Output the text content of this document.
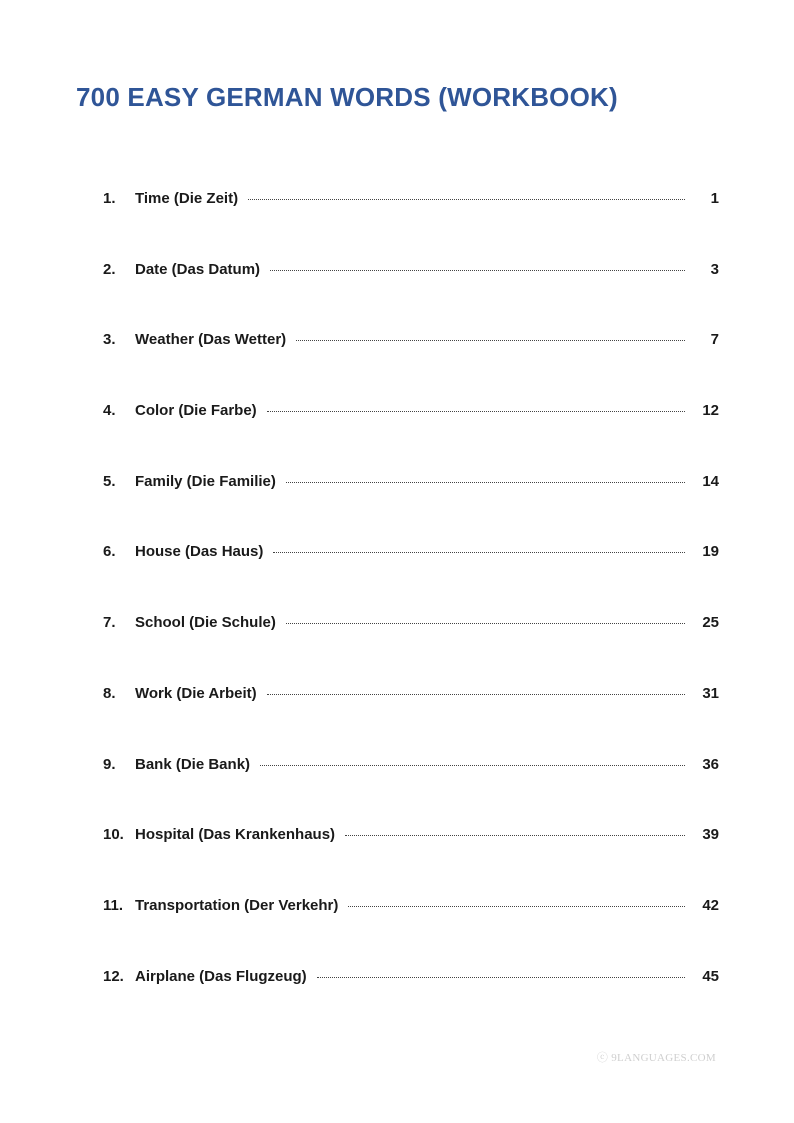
700 EASY GERMAN WORDS (WORKBOOK)
1.	Time (Die Zeit)	1
2.	Date (Das Datum)	3
3.	Weather (Das Wetter)	7
4.	Color (Die Farbe)	12
5.	Family (Die Familie)	14
6.	House (Das Haus)	19
7.	School (Die Schule)	25
8.	Work (Die Arbeit)	31
9.	Bank (Die Bank)	36
10. Hospital (Das Krankenhaus)	39
11. Transportation (Der Verkehr)	42
12. Airplane (Das Flugzeug)	45
ⓒ 9LANGUAGES.COM
